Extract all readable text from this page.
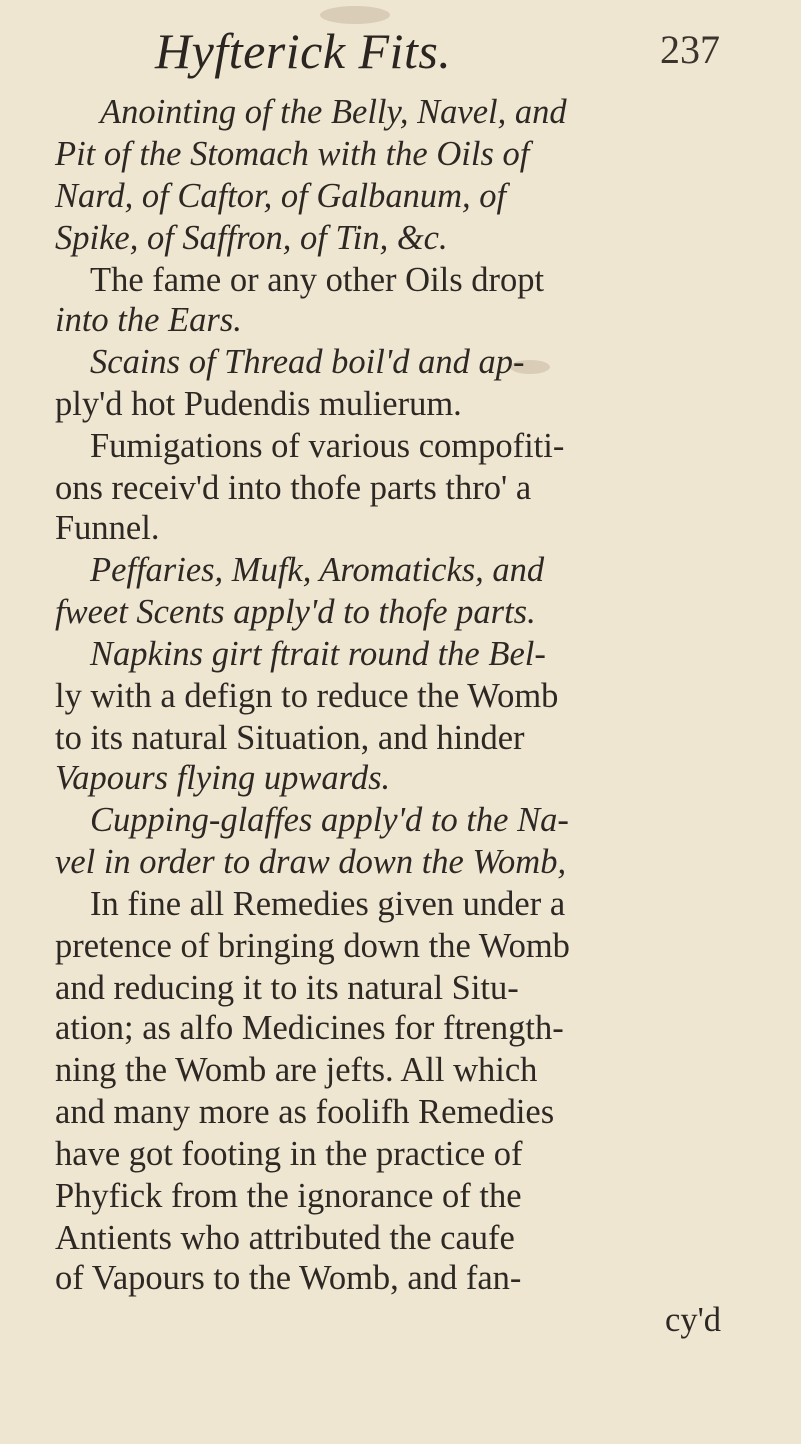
Hyfterick Fits.	237
Anointing of the Belly, Navel, and
Pit of the Stomach with the Oils of
Nard, of Caftor, of Galbanum, of
Spike, of Saffron, of Tin, &c.
The fame or any other Oils dropt
into the Ears.
Scains of Thread boil'd and ap-
ply'd hot Pudendis mulierum.
Fumigations of various compofiti-
ons receiv'd into thofe parts thro' a
Funnel.
Peffaries, Mufk, Aromaticks, and
fweet Scents apply'd to thofe parts.
Napkins girt ftrait round the Bel-
ly with a defign to reduce the Womb
to its natural Situation, and hinder
Vapours flying upwards.
Cupping-glaffes apply'd to the Na-
vel in order to draw down the Womb,
In fine all Remedies given under a
pretence of bringing down the Womb
and reducing it to its natural Situ-
ation; as alfo Medicines for ftrength-
ning the Womb are jefts. All which
and many more as foolifh Remedies
have got footing in the practice of
Phyfick from the ignorance of the
Antients who attributed the caufe
of Vapours to the Womb, and fan-
cy'd
